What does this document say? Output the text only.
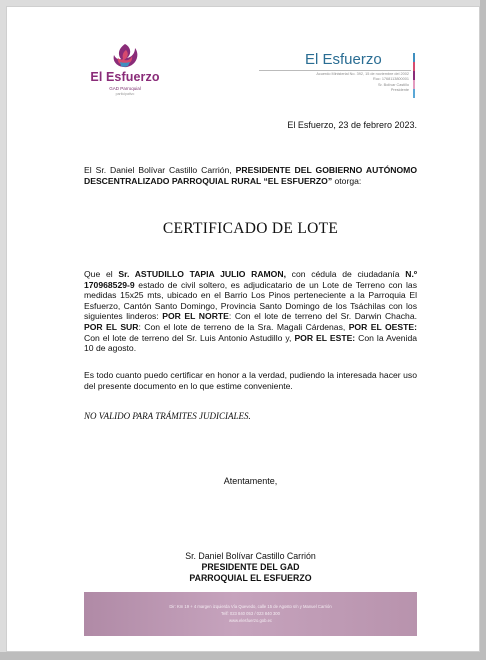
El Esfuerzo
GAD Parroquial
participativo
El Esfuerzo
Acuerdo Ministerial No. 392, 15 de noviembre del 2002
Ruc: 1768113800001
Sr. Bolívar Castillo
Presidente
El Esfuerzo, 23 de febrero 2023.
El Sr. Daniel Bolívar Castillo Carrión, PRESIDENTE DEL GOBIERNO AUTÓNOMO DESCENTRALIZADO PARROQUIAL RURAL “EL ESFUERZO” otorga:
CERTIFICADO DE LOTE
Que el Sr. ASTUDILLO TAPIA JULIO RAMON, con cédula de ciudadanía N.º 170968529-9 estado de civil soltero, es adjudicatario de un Lote de Terreno con las medidas 15x25 mts, ubicado en el Barrio Los Pinos perteneciente a la Parroquia El Esfuerzo, Cantón Santo Domingo, Provincia Santo Domingo de los Tsáchilas con los siguientes linderos: POR EL NORTE: Con el lote de terreno del Sr. Darwin Chacha. POR EL SUR: Con el lote de terreno de la Sra. Magali Cárdenas, POR EL OESTE: Con el lote de terreno del Sr. Luis Antonio Astudillo y, POR EL ESTE: Con la Avenida 10 de agosto.
Es todo cuanto puedo certificar en honor a la verdad, pudiendo la interesada hacer uso del presente documento en lo que estime conveniente.
NO VALIDO PARA TRÁMITES JUDICIALES.
Atentamente,
Sr. Daniel Bolívar Castillo Carrión
PRESIDENTE DEL GAD
PARROQUIAL EL ESFUERZO
Dir: Km 19 + 4 margen izquierda Vía Quevedo, calle 15 de Agosto s/n y Manuel Carrión
Telf: 023 840 053 / 023 840 300
www.elesfuerzo.gob.ec
